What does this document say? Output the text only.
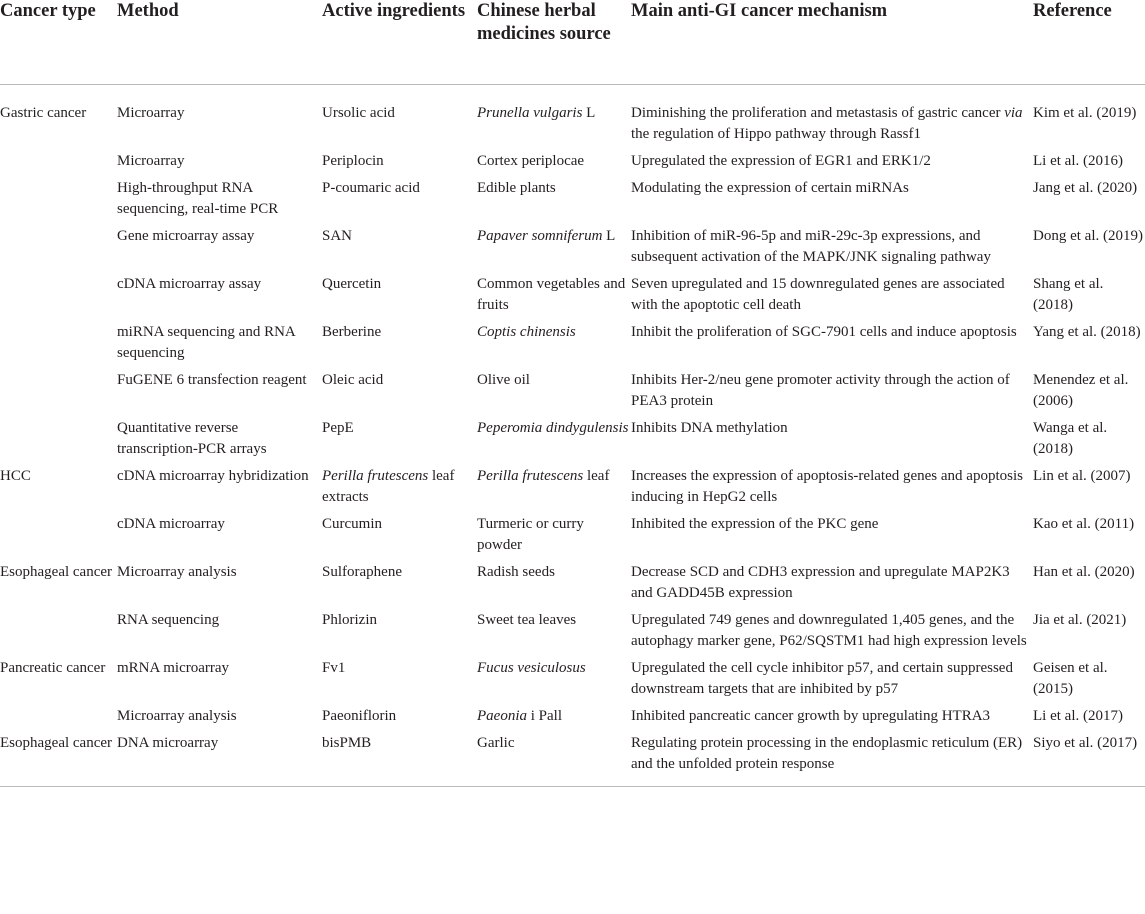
Cancer type	Method	Active ingredients	Chinese herbal medicines source	Main anti-GI cancer mechanism	Reference
Gastric cancer	Microarray	Ursolic acid	Prunella vulgaris L	Diminishing the proliferation and metastasis of gastric cancer via the regulation of Hippo pathway through Rassf1	Kim et al. (2019)
	Microarray	Periplocin	Cortex periplocae	Upregulated the expression of EGR1 and ERK1/2	Li et al. (2016)
	High-throughput RNA sequencing, real-time PCR	P-coumaric acid	Edible plants	Modulating the expression of certain miRNAs	Jang et al. (2020)
	Gene microarray assay	SAN	Papaver somniferum L	Inhibition of miR-96-5p and miR-29c-3p expressions, and subsequent activation of the MAPK/JNK signaling pathway	Dong et al. (2019)
	cDNA microarray assay	Quercetin	Common vegetables and fruits	Seven upregulated and 15 downregulated genes are associated with the apoptotic cell death	Shang et al. (2018)
	miRNA sequencing and RNA sequencing	Berberine	Coptis chinensis	Inhibit the proliferation of SGC-7901 cells and induce apoptosis	Yang et al. (2018)
	FuGENE 6 transfection reagent	Oleic acid	Olive oil	Inhibits Her-2/neu gene promoter activity through the action of PEA3 protein	Menendez et al. (2006)
	Quantitative reverse transcription-PCR arrays	PepE	Peperomia dindygulensis	Inhibits DNA methylation	Wanga et al. (2018)
HCC	cDNA microarray hybridization	Perilla frutescens leaf extracts	Perilla frutescens leaf	Increases the expression of apoptosis-related genes and apoptosis inducing in HepG2 cells	Lin et al. (2007)
	cDNA microarray	Curcumin	Turmeric or curry powder	Inhibited the expression of the PKC gene	Kao et al. (2011)
Esophageal cancer	Microarray analysis	Sulforaphene	Radish seeds	Decrease SCD and CDH3 expression and upregulate MAP2K3 and GADD45B expression	Han et al. (2020)
	RNA sequencing	Phlorizin	Sweet tea leaves	Upregulated 749 genes and downregulated 1,405 genes, and the autophagy marker gene, P62/SQSTM1 had high expression levels	Jia et al. (2021)
Pancreatic cancer	mRNA microarray	Fv1	Fucus vesiculosus	Upregulated the cell cycle inhibitor p57, and certain suppressed downstream targets that are inhibited by p57	Geisen et al. (2015)
	Microarray analysis	Paeoniflorin	Paeonia i Pall	Inhibited pancreatic cancer growth by upregulating HTRA3	Li et al. (2017)
Esophageal cancer	DNA microarray	bisPMB	Garlic	Regulating protein processing in the endoplasmic reticulum (ER) and the unfolded protein response	Siyo et al. (2017)
